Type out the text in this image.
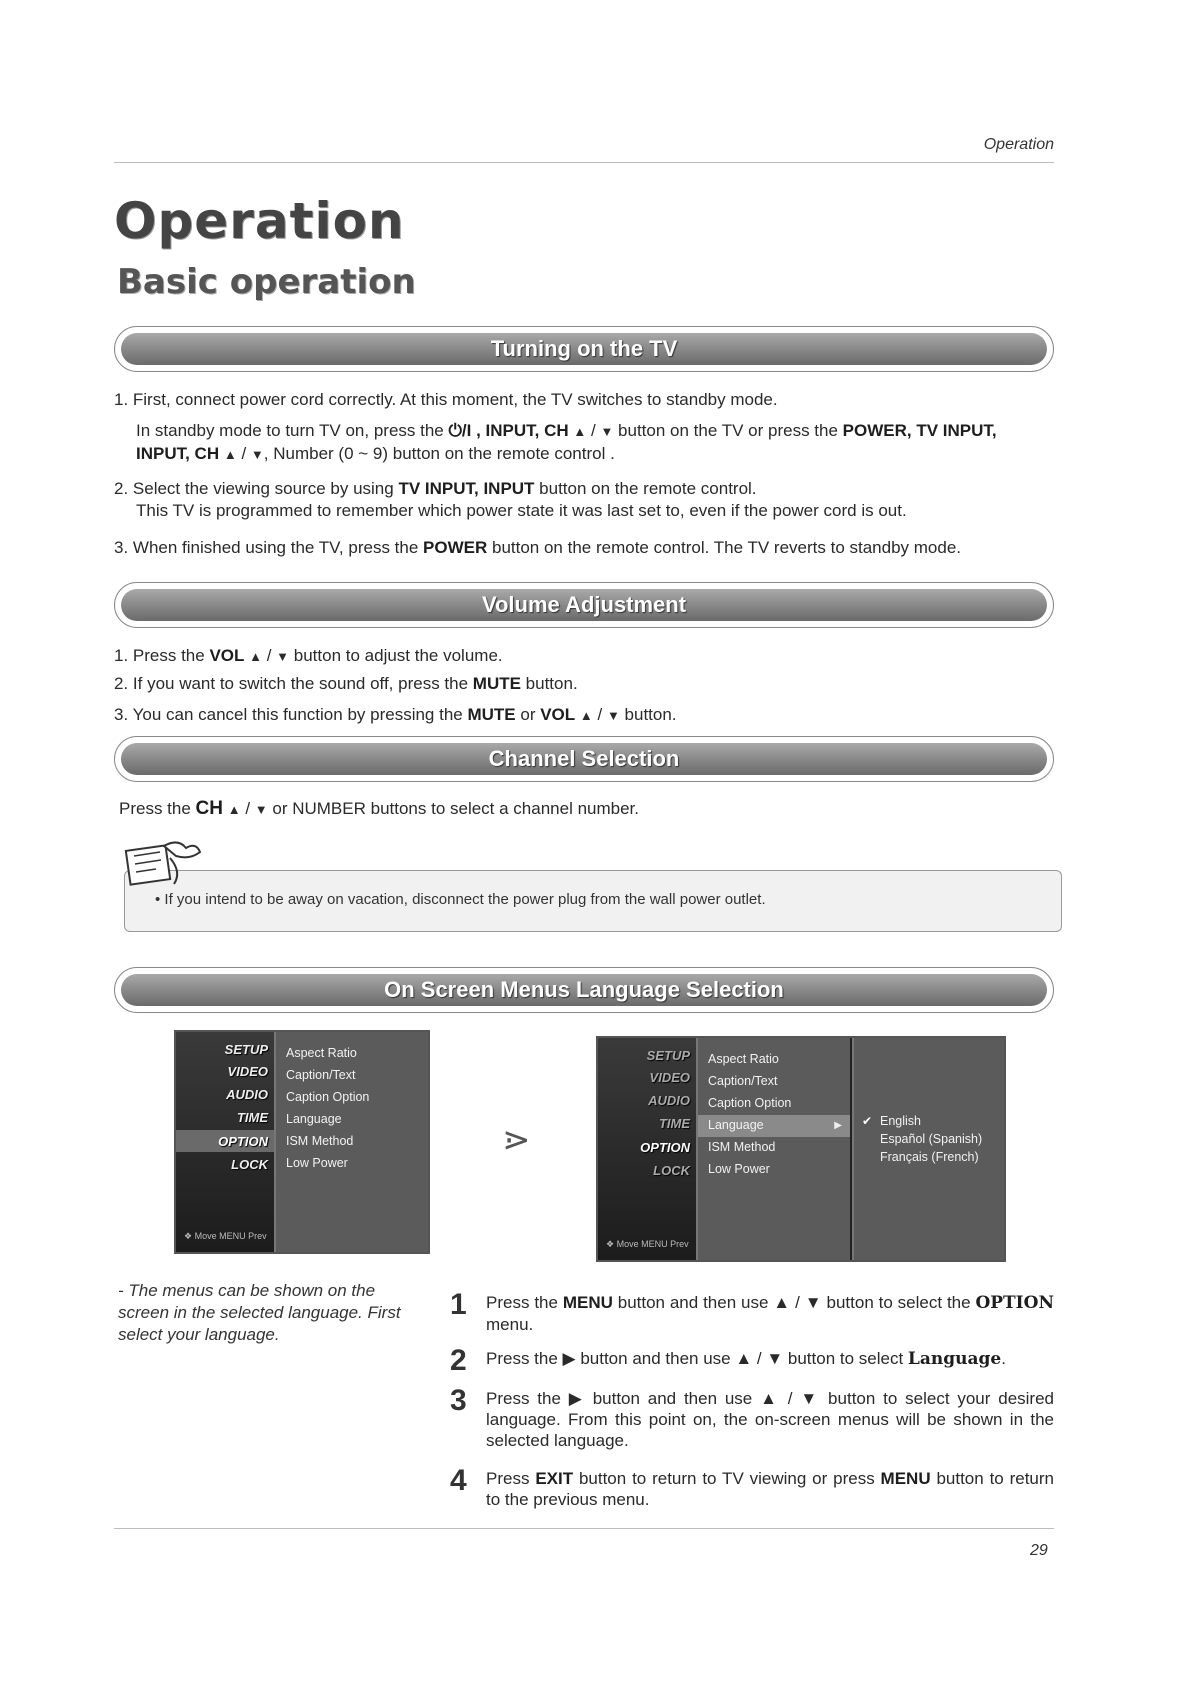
Operation
Operation
Basic operation
Turning on the TV
1. First, connect power cord correctly. At this moment, the TV switches to standby mode.
In standby mode to turn TV on, press the ⏻/I , INPUT, CH ▲ / ▼ button on the TV or press the POWER, TV INPUT, INPUT, CH ▲ / ▼, Number (0 ~ 9) button on the remote control .
2. Select the viewing source by using TV INPUT, INPUT button on the remote control.
This TV is programmed to remember which power state it was last set to, even if the power cord is out.
3. When finished using the TV, press the POWER button on the remote control. The TV reverts to standby mode.
Volume Adjustment
1. Press the VOL ▲ / ▼ button to adjust the volume.
2. If you want to switch the sound off, press the MUTE button.
3. You can cancel this function by pressing the MUTE or VOL ▲ / ▼ button.
Channel Selection
Press the CH ▲ / ▼ or NUMBER buttons to select a channel number.
• If you intend to be away on vacation, disconnect the power plug from the wall power outlet.
On Screen Menus Language Selection
SETUP
VIDEO
AUDIO
TIME
OPTION
LOCK
❖ Move MENU Prev
Aspect Ratio
Caption/Text
Caption Option
Language
ISM Method
Low Power
⋗
SETUP
VIDEO
AUDIO
TIME
OPTION
LOCK
❖ Move MENU Prev
Aspect Ratio
Caption/Text
Caption Option
Language	▶
ISM Method
Low Power
✔ English
Español (Spanish)
Français (French)
- The menus can be shown on the screen in the selected language. First select your language.
1 Press the MENU button and then use ▲ / ▼ button to select the OPTION menu.
2 Press the ▶ button and then use ▲ / ▼ button to select Language.
3 Press the ▶ button and then use ▲ / ▼ button to select your desired language. From this point on, the on-screen menus will be shown in the selected language.
4 Press EXIT button to return to TV viewing or press MENU button to return to the previous menu.
29
